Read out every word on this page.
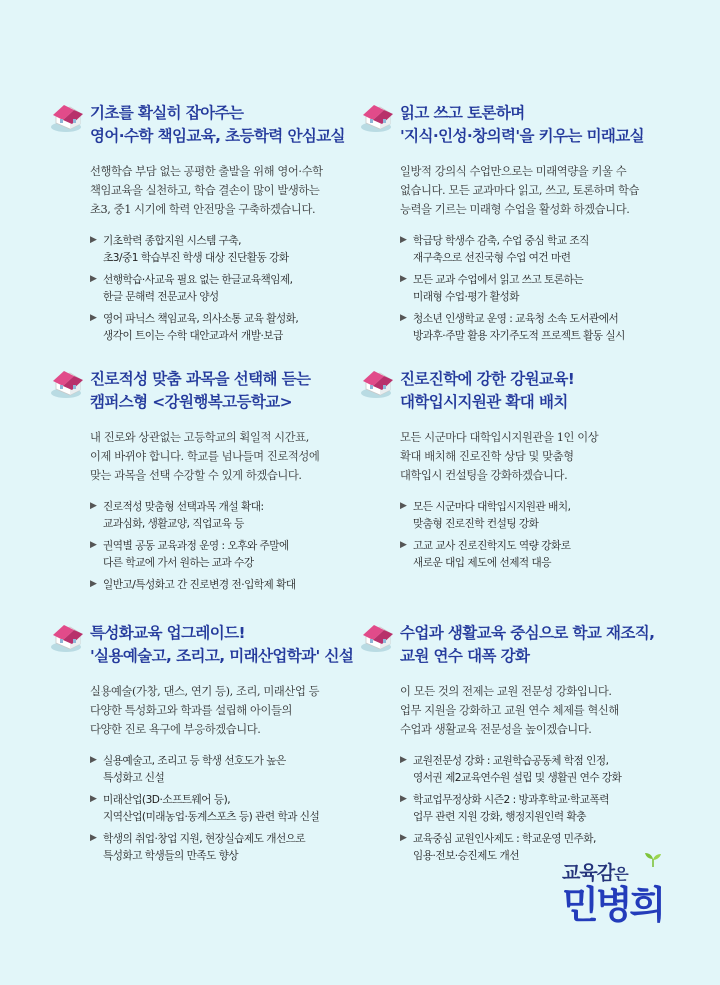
기초를 확실히 잡아주는
영어·수학 책임교육, 초등학력 안심교실
선행학습 부담 없는 공평한 출발을 위해 영어·수학
책임교육을 실천하고, 학습 결손이 많이 발생하는
초3, 중1 시기에 학력 안전망을 구축하겠습니다.
▶ 기초학력 종합지원 시스템 구축,
초3/중1 학습부진 학생 대상 진단활동 강화
▶ 선행학습·사교육 필요 없는 한글교육책임제,
한글 문해력 전문교사 양성
▶ 영어 파닉스 책임교육, 의사소통 교육 활성화,
생각이 트이는 수학 대안교과서 개발·보급
읽고 쓰고 토론하며
'지식·인성·창의력'을 키우는 미래교실
일방적 강의식 수업만으로는 미래역량을 키울 수
없습니다. 모든 교과마다 읽고, 쓰고, 토론하며 학습
능력을 기르는 미래형 수업을 활성화 하겠습니다.
▶ 학급당 학생수 감축, 수업 중심 학교 조직
재구축으로 선진국형 수업 여건 마련
▶ 모든 교과 수업에서 읽고 쓰고 토론하는
미래형 수업·평가 활성화
▶ 청소년 인생학교 운영 : 교육청 소속 도서관에서
방과후·주말 활용 자기주도적 프로젝트 활동 실시
진로적성 맞춤 과목을 선택해 듣는
캠퍼스형 <강원행복고등학교>
내 진로와 상관없는 고등학교의 획일적 시간표,
이제 바뀌야 합니다. 학교를 넘나들며 진로적성에
맞는 과목을 선택 수강할 수 있게 하겠습니다.
▶ 진로적성 맞춤형 선택과목 개설 확대:
교과심화, 생활교양, 직업교육 등
▶ 권역별 공동 교육과정 운영 : 오후와 주말에
다른 학교에 가서 원하는 교과 수강
▶ 일반고/특성화고 간 진로변경 전·입학제 확대
진로진학에 강한 강원교육!
대학입시지원관 확대 배치
모든 시군마다 대학입시지원관을 1인 이상
확대 배치해 진로진학 상담 및 맞춤형
대학입시 컨설팅을 강화하겠습니다.
▶ 모든 시군마다 대학입시지원관 배치,
맞춤형 진로진학 컨설팅 강화
▶ 고교 교사 진로진학지도 역량 강화로
새로운 대입 제도에 선제적 대응
특성화교육 업그레이드!
'실용예술고, 조리고, 미래산업학과' 신설
실용예술(가창, 댄스, 연기 등), 조리, 미래산업 등
다양한 특성화고와 학과를 설립해 아이들의
다양한 진로 욕구에 부응하겠습니다.
▶ 실용예술고, 조리고 등 학생 선호도가 높은
특성화고 신설
▶ 미래산업(3D·소프트웨어 등),
지역산업(미래농업·동계스포츠 등) 관련 학과 신설
▶ 학생의 취업·창업 지원, 현장실습제도 개선으로
특성화고 학생들의 만족도 향상
수업과 생활교육 중심으로 학교 재조직,
교원 연수 대폭 강화
이 모든 것의 전제는 교원 전문성 강화입니다.
업무 지원을 강화하고 교원 연수 체제를 혁신해
수업과 생활교육 전문성을 높이겠습니다.
▶ 교원전문성 강화 : 교원학습공동체 학점 인정,
영서권 제2교육연수원 설립 및 생활권 연수 강화
▶ 학교업무정상화 시즌2 : 방과후학교·학교폭력
업무 관련 지원 강화, 행정지원인력 확충
▶ 교육중심 교원인사제도 : 학교운영 민주화,
임용·전보·승진제도 개선
교육감은
민병희
